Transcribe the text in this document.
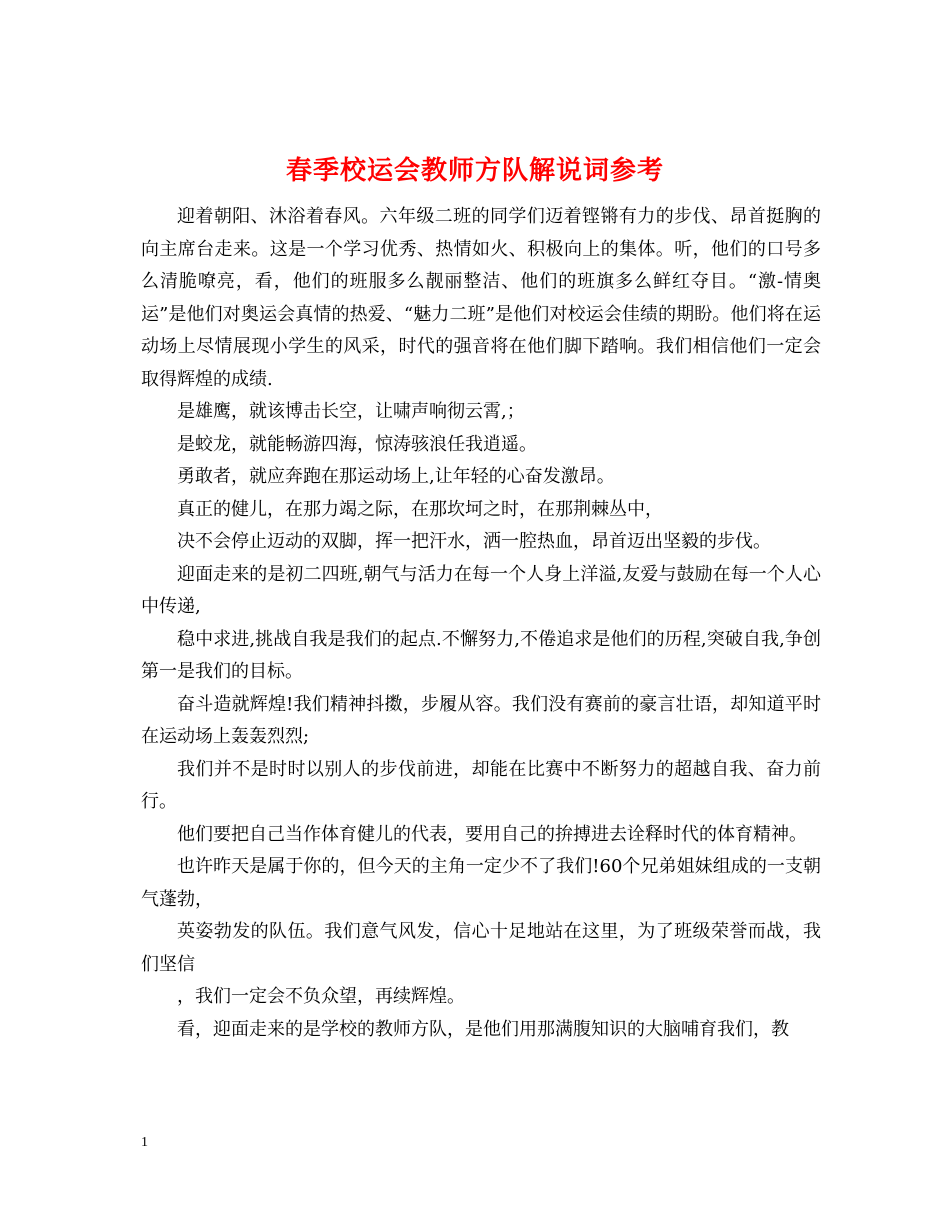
春季校运会教师方队解说词参考

迎着朝阳、沐浴着春风。六年级二班的同学们迈着铿锵有力的步伐、昂首挺胸的向主席台走来。这是一个学习优秀、热情如火、积极向上的集体。听，他们的口号多么清脆嘹亮，看，他们的班服多么靓丽整洁、他们的班旗多么鲜红夺目。“激-情奥运”是他们对奥运会真情的热爱、“魅力二班”是他们对校运会佳绩的期盼。他们将在运动场上尽情展现小学生的风采，时代的强音将在他们脚下踏响。我们相信他们一定会取得辉煌的成绩.

是雄鹰，就该博击长空，让啸声响彻云霄,；

是蛟龙，就能畅游四海，惊涛骇浪任我逍遥。

勇敢者，就应奔跑在那运动场上,让年轻的心奋发激昂。

真正的健儿，在那力竭之际，在那坎坷之时，在那荆棘丛中，

决不会停止迈动的双脚，挥一把汗水，洒一腔热血，昂首迈出坚毅的步伐。

迎面走来的是初二四班,朝气与活力在每一个人身上洋溢,友爱与鼓励在每一个人心中传递,

稳中求进,挑战自我是我们的起点.不懈努力,不倦追求是他们的历程,突破自我,争创第一是我们的目标。

奋斗造就辉煌!我们精神抖擞，步履从容。我们没有赛前的豪言壮语，却知道平时在运动场上轰轰烈烈;

我们并不是时时以别人的步伐前进，却能在比赛中不断努力的超越自我、奋力前行。

他们要把自己当作体育健儿的代表，要用自己的拚搏进去诠释时代的体育精神。

也许昨天是属于你的，但今天的主角一定少不了我们!60个兄弟姐妹组成的一支朝气蓬勃，

英姿勃发的队伍。我们意气风发，信心十足地站在这里，为了班级荣誉而战，我们坚信

，我们一定会不负众望，再续辉煌。

看，迎面走来的是学校的教师方队，是他们用那满腹知识的大脑哺育我们，教

1
